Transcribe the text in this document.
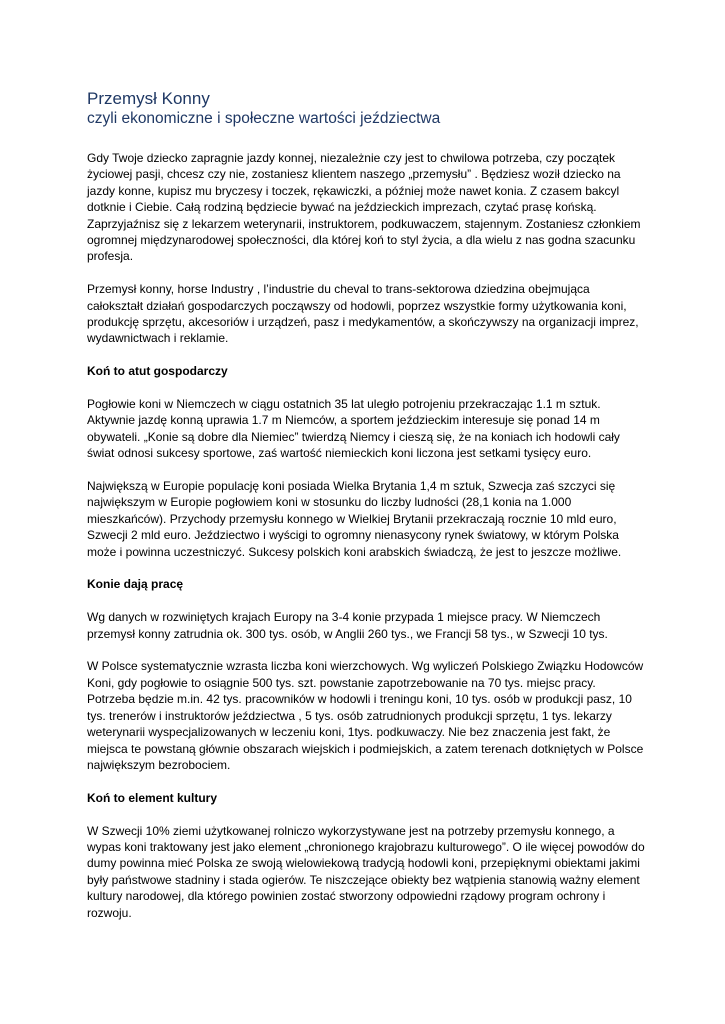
Przemysł Konny
czyli ekonomiczne i społeczne wartości jeździectwa

Gdy Twoje dziecko zapragnie jazdy konnej, niezależnie czy jest to chwilowa potrzeba, czy początek życiowej pasji, chcesz czy nie, zostaniesz klientem naszego „przemysłu” . Będziesz woził dziecko na jazdy konne, kupisz mu bryczesy i toczek, rękawiczki, a później może nawet konia. Z czasem bakcyl dotknie i Ciebie. Całą rodziną będziecie bywać na jeździeckich imprezach, czytać prasę końską. Zaprzyjaźnisz się z lekarzem weterynarii, instruktorem, podkuwaczem, stajennym. Zostaniesz członkiem ogromnej międzynarodowej społeczności, dla której koń to styl życia, a dla wielu z nas godna szacunku profesja.

Przemysł konny, horse Industry , l’industrie du cheval to trans-sektorowa dziedzina obejmująca całokształt działań gospodarczych począwszy od hodowli, poprzez wszystkie formy użytkowania koni, produkcję sprzętu, akcesoriów i urządzeń, pasz i medykamentów, a skończywszy na organizacji imprez, wydawnictwach i reklamie.

Koń to atut gospodarczy

Pogłowie koni w Niemczech w ciągu ostatnich 35 lat uległo potrojeniu przekraczając 1.1 m sztuk. Aktywnie jazdę konną uprawia 1.7 m Niemców, a sportem jeździeckim interesuje się ponad 14 m obywateli. „Konie są dobre dla Niemiec” twierdzą Niemcy i cieszą się, że na koniach ich hodowli cały świat odnosi sukcesy sportowe, zaś wartość niemieckich koni liczona jest setkami tysięcy euro.

Największą w Europie populację koni posiada Wielka Brytania 1,4 m sztuk, Szwecja zaś szczyci się największym w Europie pogłowiem koni w stosunku do liczby ludności (28,1 konia na 1.000 mieszkańców). Przychody przemysłu konnego w Wielkiej Brytanii przekraczają rocznie 10 mld euro, Szwecji 2 mld euro. Jeździectwo i wyścigi to ogromny nienasycony rynek światowy, w którym Polska może i powinna uczestniczyć. Sukcesy polskich koni arabskich świadczą, że jest to jeszcze możliwe.

Konie dają pracę

Wg danych w rozwiniętych krajach Europy na 3-4 konie przypada 1 miejsce pracy. W Niemczech przemysł konny zatrudnia ok. 300 tys. osób, w Anglii 260 tys., we Francji 58 tys., w Szwecji 10 tys.

W Polsce systematycznie wzrasta liczba koni wierzchowych. Wg wyliczeń Polskiego Związku Hodowców Koni, gdy pogłowie to osiągnie 500 tys. szt. powstanie zapotrzebowanie na 70 tys. miejsc pracy. Potrzeba będzie m.in. 42 tys. pracowników w hodowli i treningu koni, 10 tys. osób w produkcji pasz, 10 tys. trenerów i instruktorów jeździectwa , 5 tys. osób zatrudnionych produkcji sprzętu, 1 tys. lekarzy weterynarii wyspecjalizowanych w leczeniu koni, 1tys. podkuwaczy. Nie bez znaczenia jest fakt, że miejsca te powstaną głównie obszarach wiejskich i podmiejskich, a zatem terenach dotkniętych w Polsce największym bezrobociem.

Koń to element kultury

W Szwecji 10% ziemi użytkowanej rolniczo wykorzystywane jest na potrzeby przemysłu konnego, a wypas koni traktowany jest jako element „chronionego krajobrazu kulturowego”. O ile więcej powodów do dumy powinna mieć Polska ze swoją wielowiekową tradycją hodowli koni, przepięknymi obiektami jakimi były państwowe stadniny i stada ogierów. Te niszczejące obiekty bez wątpienia stanowią ważny element kultury narodowej, dla którego powinien zostać stworzony odpowiedni rządowy program ochrony i rozwoju.
